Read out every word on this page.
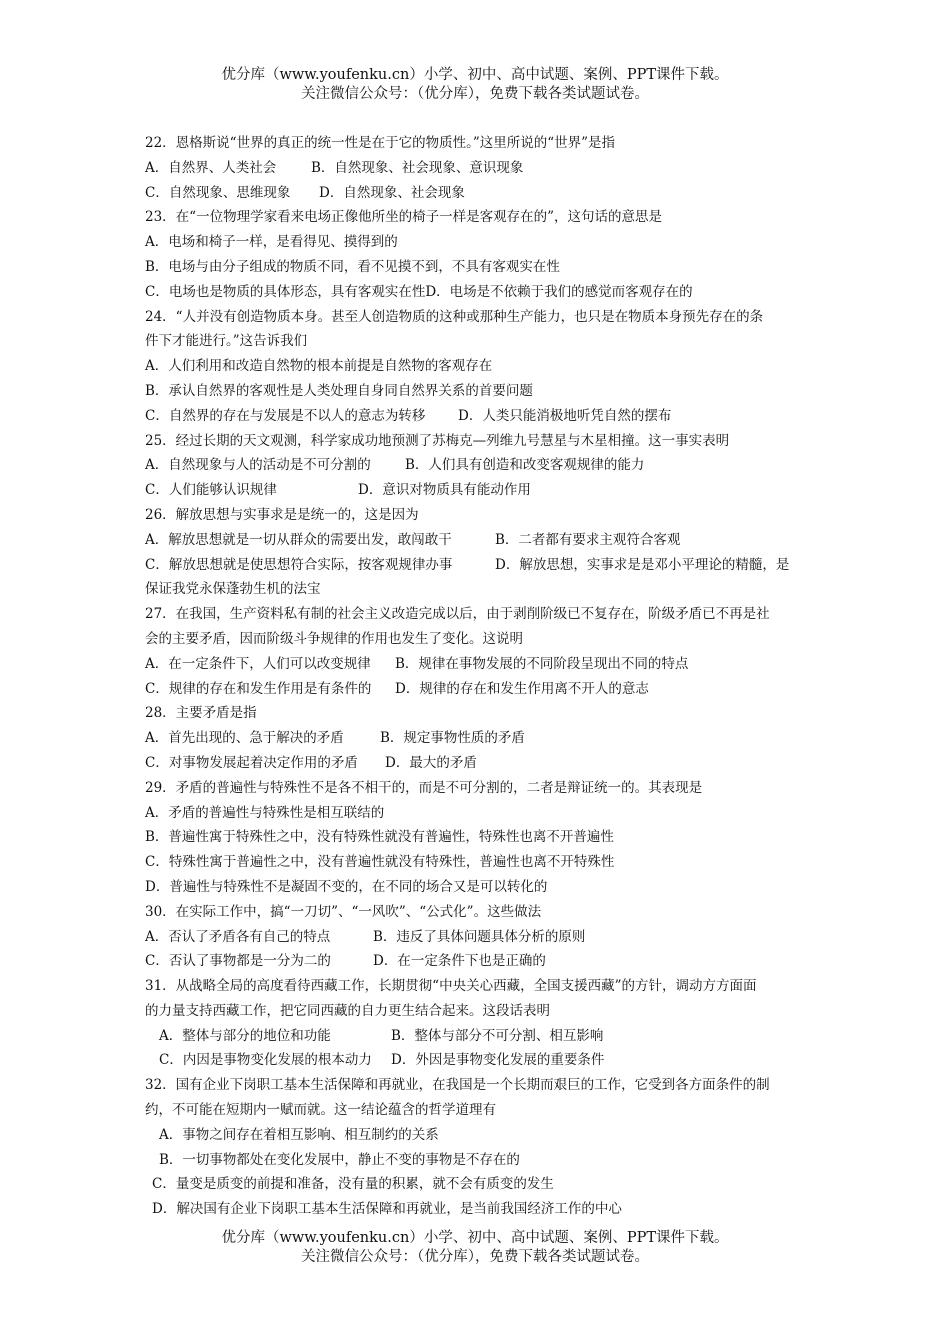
优分库（www.youfenku.cn）小学、初中、高中试题、案例、PPT课件下载。
关注微信公众号：（优分库），免费下载各类试题试卷。
22．恩格斯说“世界的真正的统一性是在于它的物质性。”这里所说的“世界”是指
A．自然界、人类社会	B．自然现象、社会现象、意识现象
C．自然现象、思维现象 D．自然现象、社会现象
23．在“一位物理学家看来电场正像他所坐的椅子一样是客观存在的”，这句话的意思是
A．电场和椅子一样，是看得见、摸得到的
B．电场与由分子组成的物质不同，看不见摸不到，不具有客观实在性
C．电场也是物质的具体形态，具有客观实在性D．电场是不依赖于我们的感觉而客观存在的
24．“人并没有创造物质本身。甚至人创造物质的这种或那种生产能力，也只是在物质本身预先存在的条
件下才能进行。”这告诉我们
A．人们利用和改造自然物的根本前提是自然物的客观存在
B．承认自然界的客观性是人类处理自身同自然界关系的首要问题
C．自然界的存在与发展是不以人的意志为转移 D．人类只能消极地听凭自然的摆布
25．经过长期的天文观测，科学家成功地预测了苏梅克—列维九号慧星与木星相撞。这一事实表明
A．自然现象与人的活动是不可分割的	B．人们具有创造和改变客观规律的能力
C．人们能够认识规律	D．意识对物质具有能动作用
26．解放思想与实事求是是统一的，这是因为
A．解放思想就是一切从群众的需要出发，敢闯敢干	B．二者都有要求主观符合客观
C．解放思想就是使思想符合实际，按客观规律办事	D．解放思想，实事求是是邓小平理论的精髓，是
保证我党永保蓬勃生机的法宝
27．在我国，生产资料私有制的社会主义改造完成以后，由于剥削阶级已不复存在，阶级矛盾已不再是社
会的主要矛盾，因而阶级斗争规律的作用也发生了变化。这说明
A．在一定条件下，人们可以改变规律 B．规律在事物发展的不同阶段呈现出不同的特点
C．规律的存在和发生作用是有条件的 D．规律的存在和发生作用离不开人的意志
28．主要矛盾是指
A．首先出现的、急于解决的矛盾	B．规定事物性质的矛盾
C．对事物发展起着决定作用的矛盾 D．最大的矛盾
29．矛盾的普遍性与特殊性不是各不相干的，而是不可分割的，二者是辩证统一的。其表现是
A．矛盾的普遍性与特殊性是相互联结的
B．普遍性寓于特殊性之中，没有特殊性就没有普遍性，特殊性也离不开普遍性
C．特殊性寓于普遍性之中，没有普遍性就没有特殊性，普遍性也离不开特殊性
D．普遍性与特殊性不是凝固不变的，在不同的场合又是可以转化的
30．在实际工作中，搞“一刀切”、“一风吹”、“公式化”。这些做法
A．否认了矛盾各有自己的特点	B．违反了具体问题具体分析的原则
C．否认了事物都是一分为二的	D．在一定条件下也是正确的
31．从战略全局的高度看待西藏工作，长期贯彻“中央关心西藏，全国支援西藏”的方针，调动方方面面
的力量支持西藏工作，把它同西藏的自力更生结合起来。这段话表明
A．整体与部分的地位和功能	B．整体与部分不可分割、相互影响
C．内因是事物变化发展的根本动力 D．外因是事物变化发展的重要条件
32．国有企业下岗职工基本生活保障和再就业，在我国是一个长期而艰巨的工作，它受到各方面条件的制
约，不可能在短期内一赋而就。这一结论蕴含的哲学道理有
A．事物之间存在着相互影响、相互制约的关系
B．一切事物都处在变化发展中，静止不变的事物是不存在的
C．量变是质变的前提和准备，没有量的积累，就不会有质变的发生
D．解决国有企业下岗职工基本生活保障和再就业，是当前我国经济工作的中心
优分库（www.youfenku.cn）小学、初中、高中试题、案例、PPT课件下载。
关注微信公众号：（优分库），免费下载各类试题试卷。
